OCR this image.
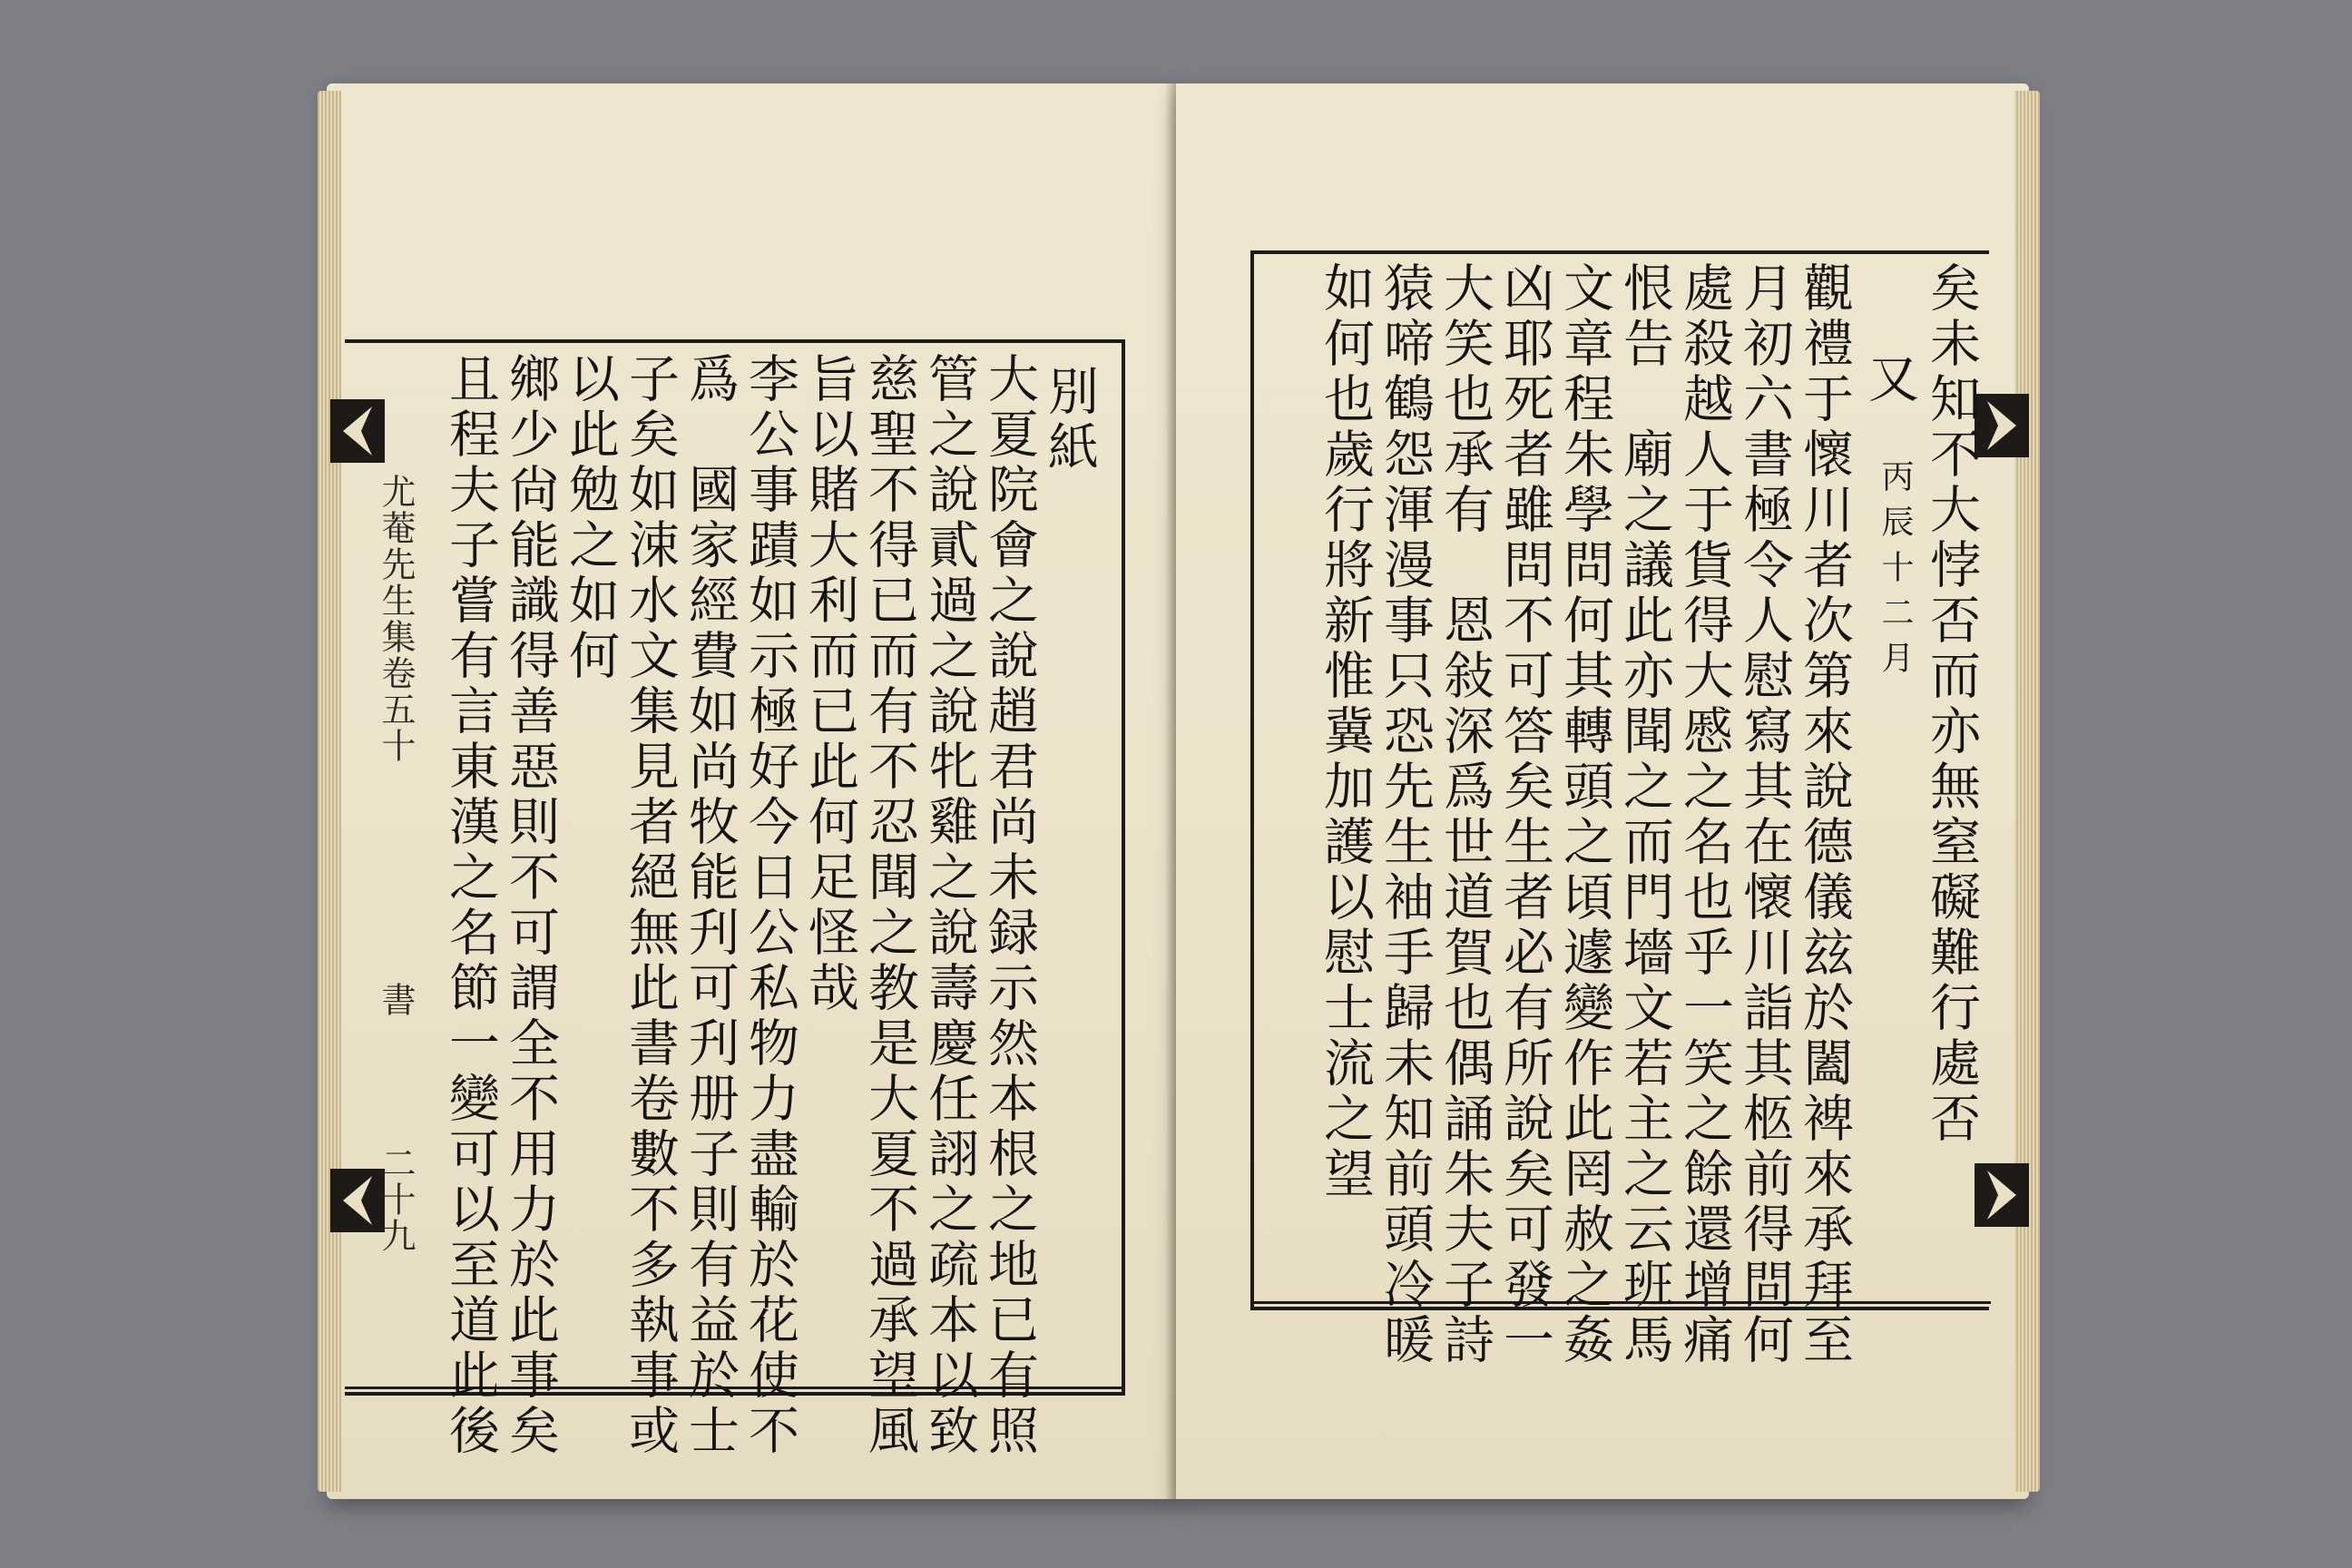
尤菴先生集卷五十
書
二十九
別紙
大夏院會之說趙君尚未録示然本根之地已有照
管之說貳過之說牝雞之說壽慶任詡之疏本以致
慈聖不得已而有不忍聞之教是大夏不過承望風
旨以賭大利而已此何足怪哉
李公事蹟如示極好今日公私物力盡輸於花使不
爲　國家經費如尚牧能刋可刋册子則有益於士
子矣如涑水文集見者絕無此書卷數不多執事或
以此勉之如何
鄉少尙能識得善惡則不可謂全不用力於此事矣
且程夫子嘗有言東漢之名節一變可以至道此後	矣未知不大悖否而亦無窒礙難行處否
又
丙辰十二月
觀禮于懷川者次第來說德儀玆於闔裨來承拜至
月初六書極令人慰寫其在懷川詣其柩前得問何
處殺越人于貨得大慼之名也乎一笑之餘還增痛
恨告　廟之議此亦聞之而門墻文若主之云班馬
文章程朱學問何其轉頭之頃遽變作此罔赦之姦
凶耶死者雖問不可答矣生者必有所說矣可發一
大笑也承有　恩敍深爲世道賀也偶誦朱夫子詩
猿啼鶴怨渾漫事只恐先生袖手歸未知前頭冷暖
如何也歲行將新惟冀加護以慰士流之望
